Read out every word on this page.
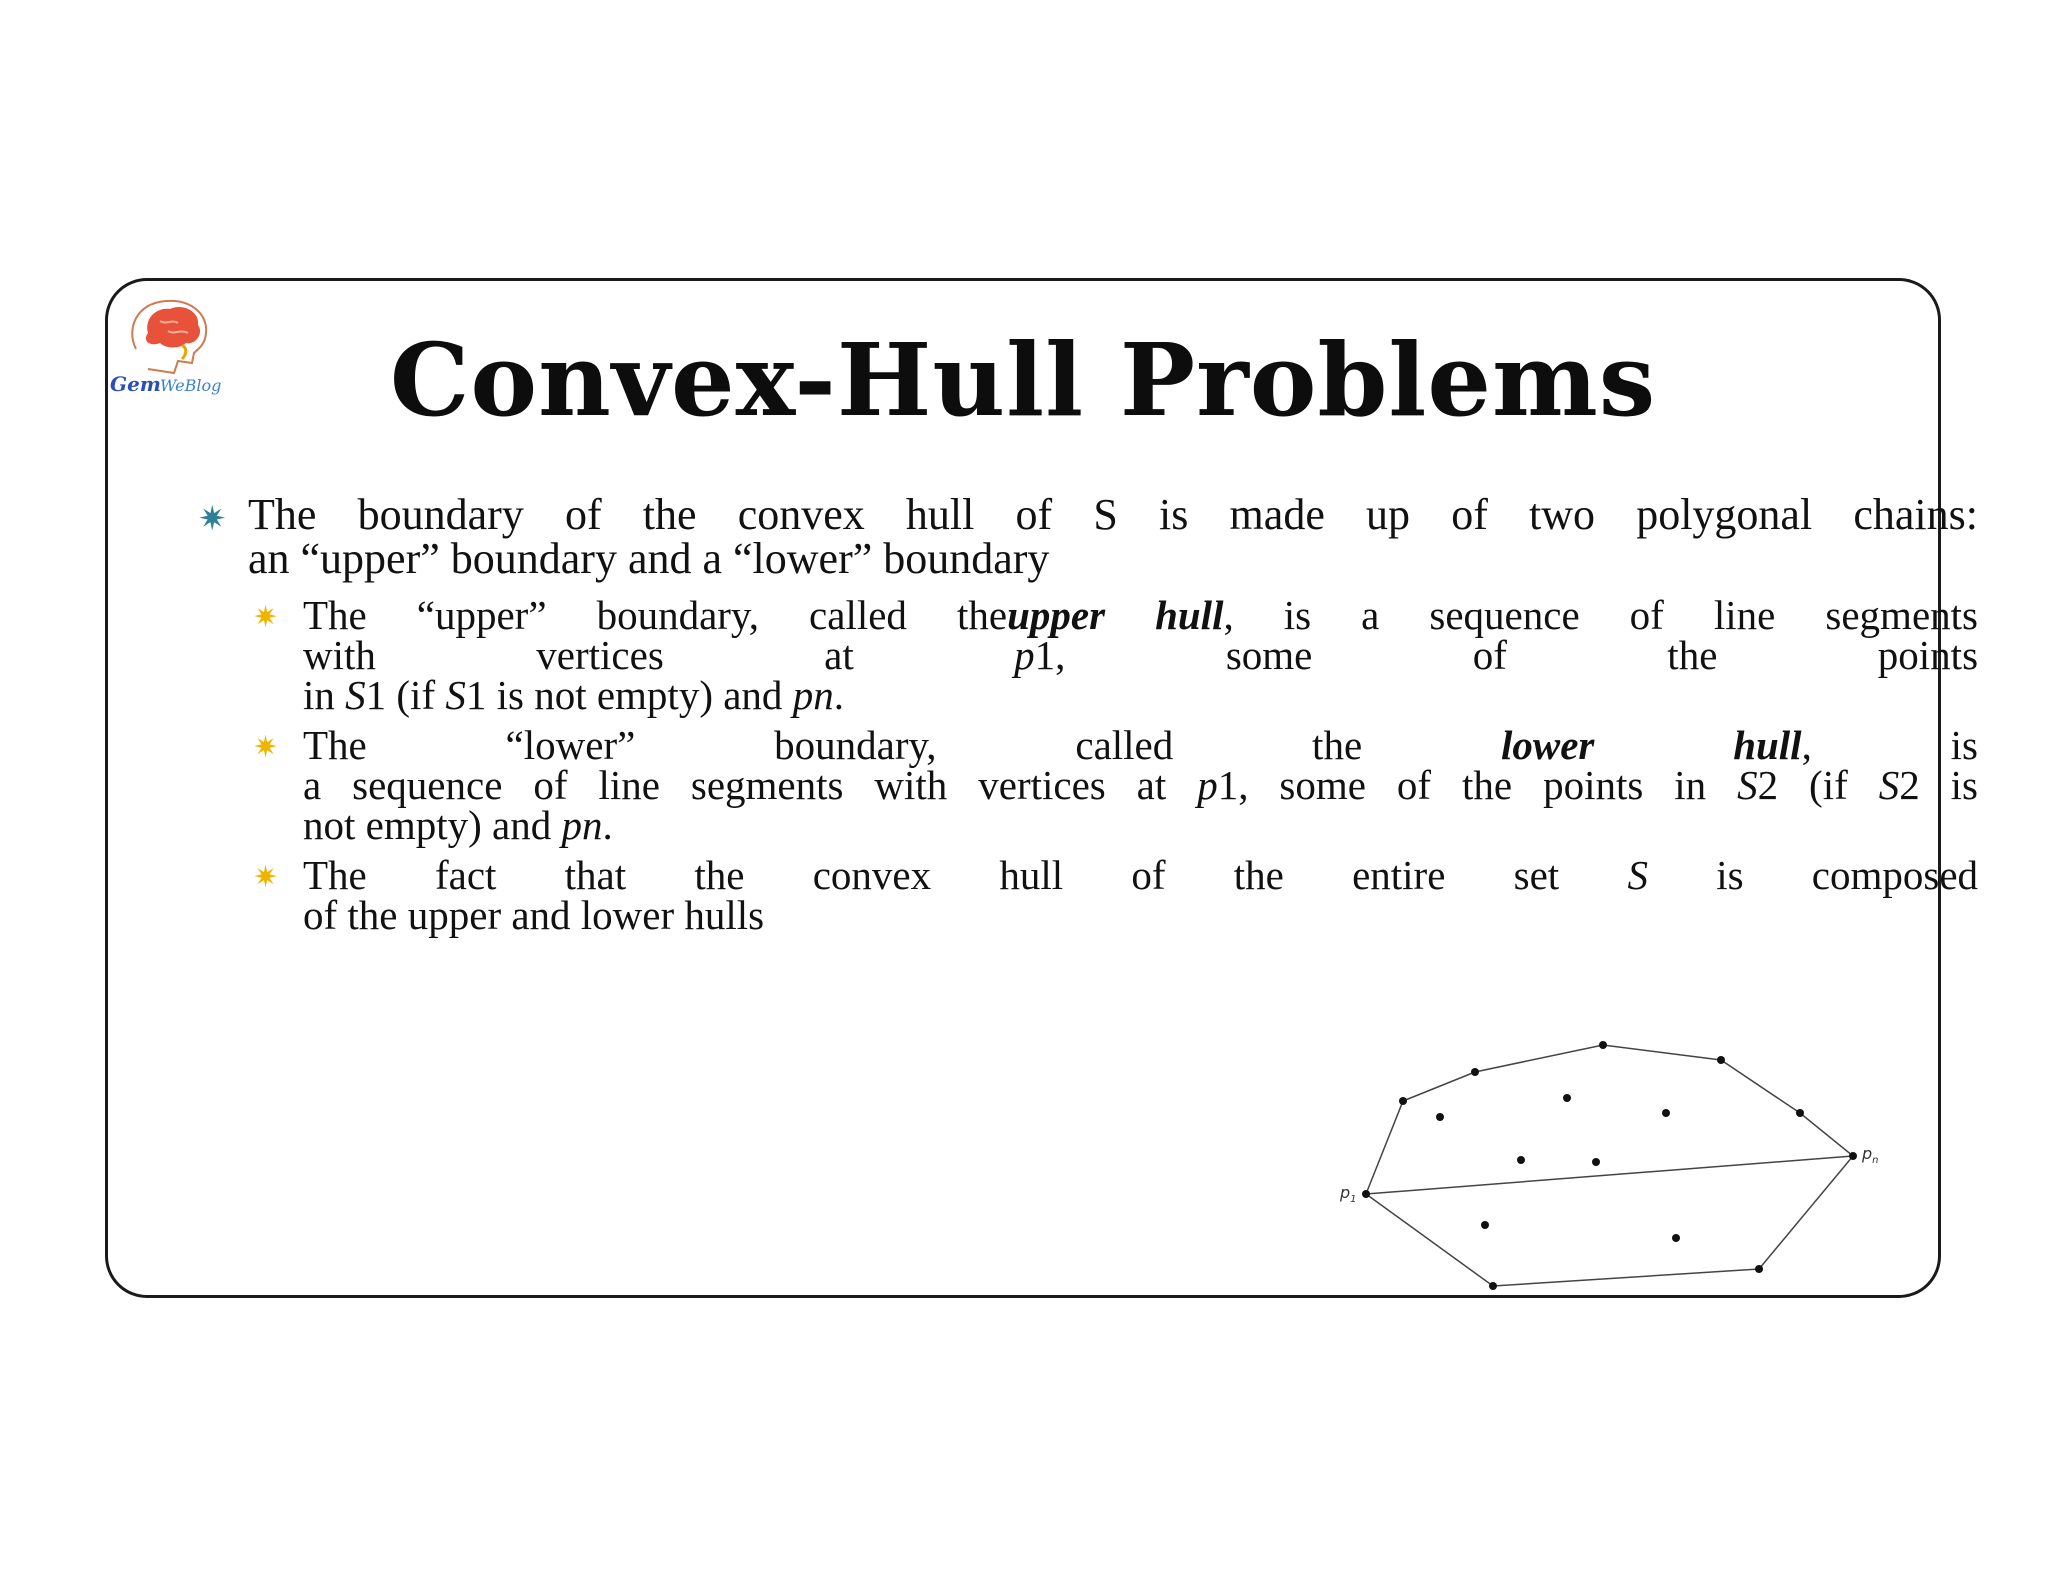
Gem WeBlog	Convex-Hull Problems
✷ The boundary of the convex hull of S is made up of two polygonal chains:
an “upper” boundary and a “lower” boundary
✷ The “upper” boundary, called theupper hull, is a sequence of line segments
with vertices at	p1,	some of the points
in S1 (if S1 is not empty) and pn.
✷ The “lower” boundary, called the	lower hull, is
a sequence of line segments with vertices at p1, some of the points in S2 (if S2 is
not empty) and pn.
✷ The fact that the convex hull of the entire set S is composed
of the upper and lower hulls
$p_1$
$p_n$
